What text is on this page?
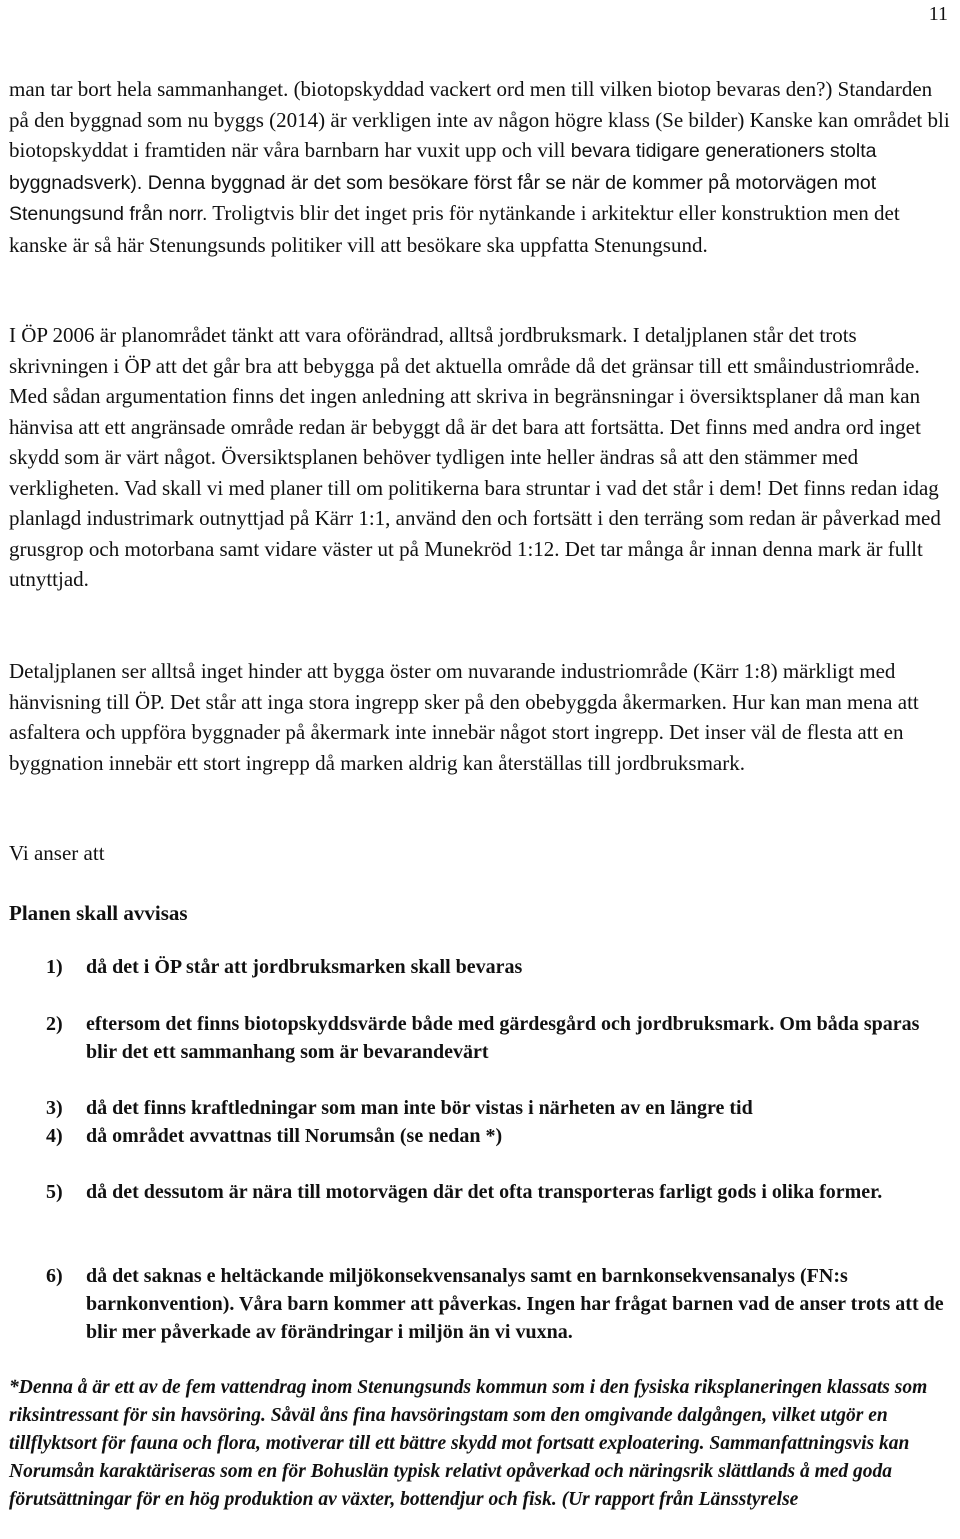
11
man tar bort hela sammanhanget. (biotopskyddad vackert ord men till vilken biotop bevaras den?) Standarden på den byggnad som nu byggs (2014) är verkligen inte av någon högre klass (Se bilder) Kanske kan området bli biotopskyddat i framtiden när våra barnbarn har vuxit upp och vill bevara tidigare generationers stolta byggnadsverk). Denna byggnad är det som besökare först får se när de kommer på motorvägen mot Stenungsund från norr. Troligtvis blir det inget pris för nytänkande i arkitektur eller konstruktion men det kanske är så här Stenungsunds politiker vill att besökare ska uppfatta Stenungsund.
I ÖP 2006 är planområdet tänkt att vara oförändrad, alltså jordbruksmark. I detaljplanen står det trots skrivningen i ÖP att det går bra att bebygga på det aktuella område då det gränsar till ett småindustriområde. Med sådan argumentation finns det ingen anledning att skriva in begränsningar i översiktsplaner då man kan hänvisa att ett angränsade område redan är bebyggt då är det bara att fortsätta. Det finns med andra ord inget skydd som är värt något. Översiktsplanen behöver tydligen inte heller ändras så att den stämmer med verkligheten. Vad skall vi med planer till om politikerna bara struntar i vad det står i dem! Det finns redan idag planlagd industrimark outnyttjad på Kärr 1:1, använd den och fortsätt i den terräng som redan är påverkad med grusgrop och motorbana samt vidare väster ut på Munekröd 1:12. Det tar många år innan denna mark är fullt utnyttjad.
Detaljplanen ser alltså inget hinder att bygga öster om nuvarande industriområde (Kärr 1:8) märkligt med hänvisning till ÖP. Det står att inga stora ingrepp sker på den obebyggda åkermarken. Hur kan man mena att asfaltera och uppföra byggnader på åkermark inte innebär något stort ingrepp. Det inser väl de flesta att en byggnation innebär ett stort ingrepp då marken aldrig kan återställas till jordbruksmark.
Vi anser att
Planen skall avvisas
1) då det i ÖP står att jordbruksmarken skall bevaras
2) eftersom det finns biotopskyddsvärde både med gärdesgård och jordbruksmark. Om båda sparas blir det ett sammanhang som är bevarandevärt
3) då det finns kraftledningar som man inte bör vistas i närheten av en längre tid
4) då området avvattnas till Norumsån (se nedan *)
5) då det dessutom är nära till motorvägen där det ofta transporteras farligt gods i olika former.
6) då det saknas e heltäckande miljökonsekvensanalys samt en barnkonsekvensanalys (FN:s barnkonvention). Våra barn kommer att påverkas. Ingen har frågat barnen vad de anser trots att de blir mer påverkade av förändringar i miljön än vi vuxna.
*Denna å är ett av de fem vattendrag inom Stenungsunds kommun som i den fysiska riksplaneringen klassats som riksintressant för sin havsöring. Såväl åns fina havsöringstam som den omgivande dalgången, vilket utgör en tillflyktsort för fauna och flora, motiverar till ett bättre skydd mot fortsatt exploatering. Sammanfattningsvis kan Norumsån karaktäriseras som en för Bohuslän typisk relativt opåverkad och näringsrik slättlands å med goda förutsättningar för en hög produktion av växter, bottendjur och fisk. (Ur rapport från Länsstyrelse
